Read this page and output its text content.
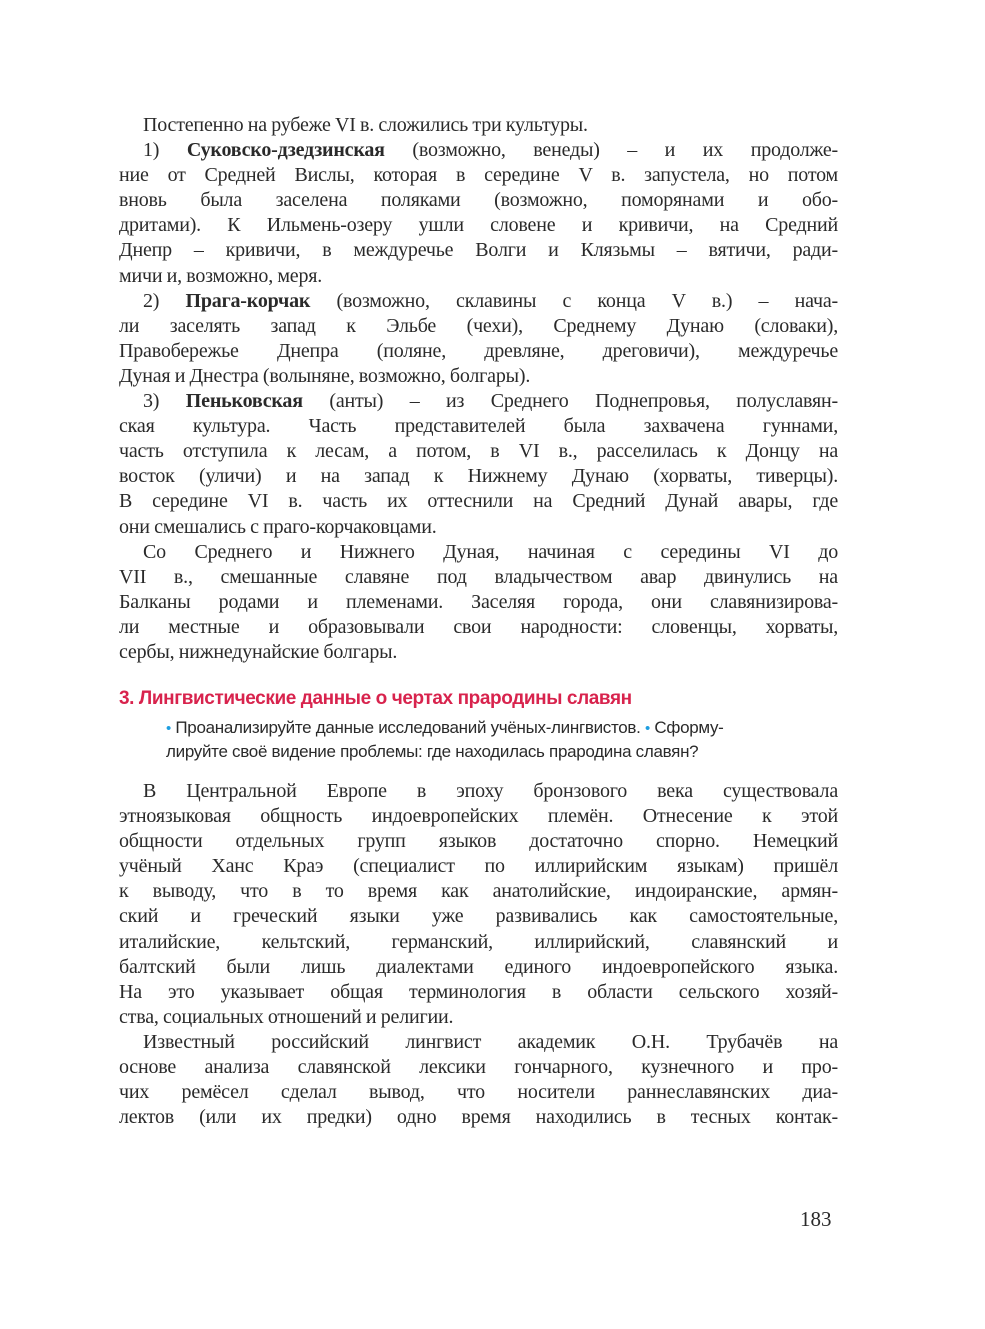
Постепенно на рубеже VI в. сложились три культуры.
1) Суковско-дзедзинская (возможно, венеды) – и их продолже-
ние от Средней Вислы, которая в середине V в. запустела, но потом
вновь была заселена поляками (возможно, поморянами и обо-
дритами). К Ильмень-озеру ушли словене и кривичи, на Средний
Днепр – кривичи, в междуречье Волги и Клязьмы – вятичи, ради-
мичи и, возможно, меря.
2) Прага-корчак (возможно, склавины с конца V в.) – нача-
ли заселять запад к Эльбе (чехи), Среднему Дунаю (словаки),
Правобережье Днепра (поляне, древляне, дреговичи), междуречье
Дуная и Днестра (волыняне, возможно, болгары).
3) Пеньковская (анты) – из Среднего Поднепровья, полуславян-
ская культура. Часть представителей была захвачена гуннами,
часть отступила к лесам, а потом, в VI в., расселилась к Донцу на
восток (уличи) и на запад к Нижнему Дунаю (хорваты, тиверцы).
В середине VI в. часть их оттеснили на Средний Дунай авары, где
они смешались с праго-корчаковцами.
Со Среднего и Нижнего Дуная, начиная с середины VI до
VII в., смешанные славяне под владычеством авар двинулись на
Балканы родами и племенами. Заселяя города, они славянизирова-
ли местные и образовывали свои народности: словенцы, хорваты,
сербы, нижнедунайские болгары.
3. Лингвистические данные о чертах прародины славян
• Проанализируйте данные исследований учёных-лингвистов. • Сформу-
лируйте своё видение проблемы: где находилась прародина славян?
В Центральной Европе в эпоху бронзового века существовала
этноязыковая общность индоевропейских племён. Отнесение к этой
общности отдельных групп языков достаточно спорно. Немецкий
учёный Ханс Краэ (специалист по иллирийским языкам) пришёл
к выводу, что в то время как анатолийские, индоиранские, армян-
ский и греческий языки уже развивались как самостоятельные,
италийские, кельтский, германский, иллирийский, славянский и
балтский были лишь диалектами единого индоевропейского языка.
На это указывает общая терминология в области сельского хозяй-
ства, социальных отношений и религии.
Известный российский лингвист академик О.Н. Трубачёв на
основе анализа славянской лексики гончарного, кузнечного и про-
чих ремёсел сделал вывод, что носители раннеславянских диа-
лектов (или их предки) одно время находились в тесных контак-
183
